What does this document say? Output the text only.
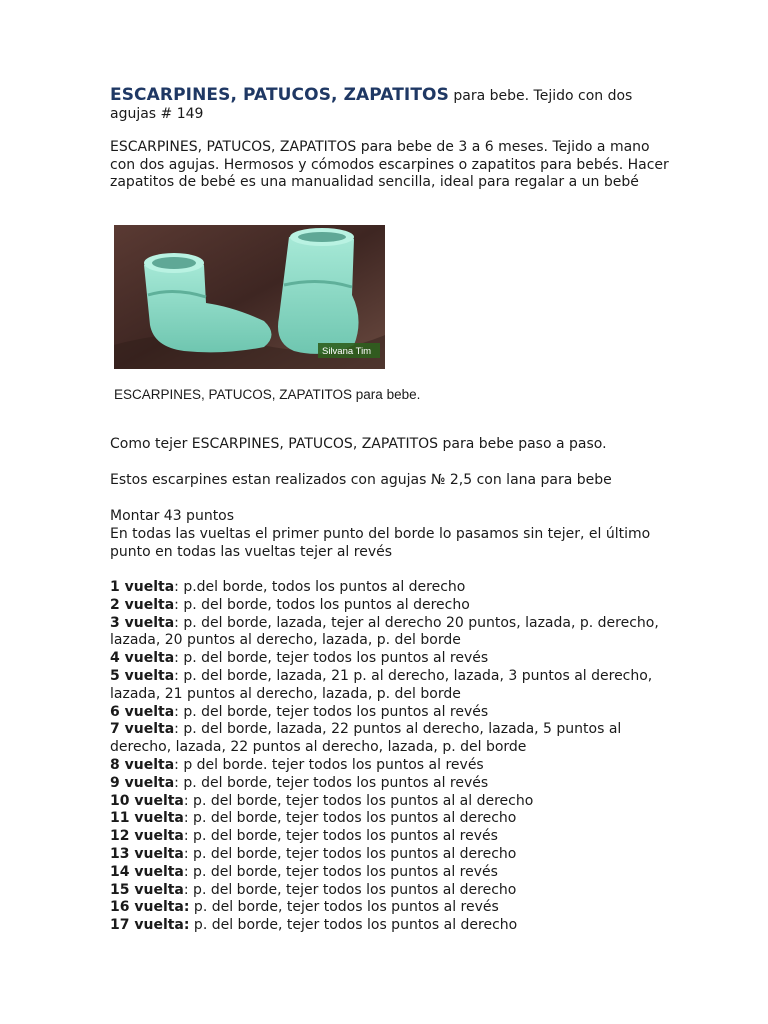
ESCARPINES, PATUCOS, ZAPATITOS para bebe. Tejido con dos agujas # 149

ESCARPINES, PATUCOS, ZAPATITOS para bebe de 3 a 6 meses. Tejido a mano con dos agujas. Hermosos y cómodos escarpines o zapatitos para bebés. Hacer zapatitos de bebé es una manualidad sencilla, ideal para regalar a un bebé

Silvana Tim
ESCARPINES, PATUCOS, ZAPATITOS para bebe.
Como tejer ESCARPINES, PATUCOS, ZAPATITOS para bebe paso a paso.
Estos escarpines estan realizados con agujas № 2,5 con lana para bebe
Montar 43 puntos
En todas las vueltas el primer punto del borde lo pasamos sin tejer, el último punto en todas las vueltas tejer al revés
1 vuelta: p.del borde, todos los puntos al derecho
2 vuelta: p. del borde, todos los puntos al derecho
3 vuelta: p. del borde, lazada, tejer al derecho 20 puntos, lazada, p. derecho, lazada, 20 puntos al derecho, lazada, p. del borde
4 vuelta: p. del borde, tejer todos los puntos al revés
5 vuelta: p. del borde, lazada, 21 p. al derecho, lazada, 3 puntos al derecho, lazada, 21 puntos al derecho, lazada, p. del borde
6 vuelta: p. del borde, tejer todos los puntos al revés
7 vuelta: p. del borde, lazada, 22 puntos al derecho, lazada, 5 puntos al derecho, lazada, 22 puntos al derecho, lazada, p. del borde
8 vuelta: p del borde. tejer todos los puntos al revés
9 vuelta: p. del borde, tejer todos los puntos al revés
10 vuelta: p. del borde, tejer todos los puntos al al derecho
11 vuelta: p. del borde, tejer todos los puntos al derecho
12 vuelta: p. del borde, tejer todos los puntos al revés
13 vuelta: p. del borde, tejer todos los puntos al derecho
14 vuelta: p. del borde, tejer todos los puntos al revés
15 vuelta: p. del borde, tejer todos los puntos al derecho
16 vuelta: p. del borde, tejer todos los puntos al revés
17 vuelta: p. del borde, tejer todos los puntos al derecho
